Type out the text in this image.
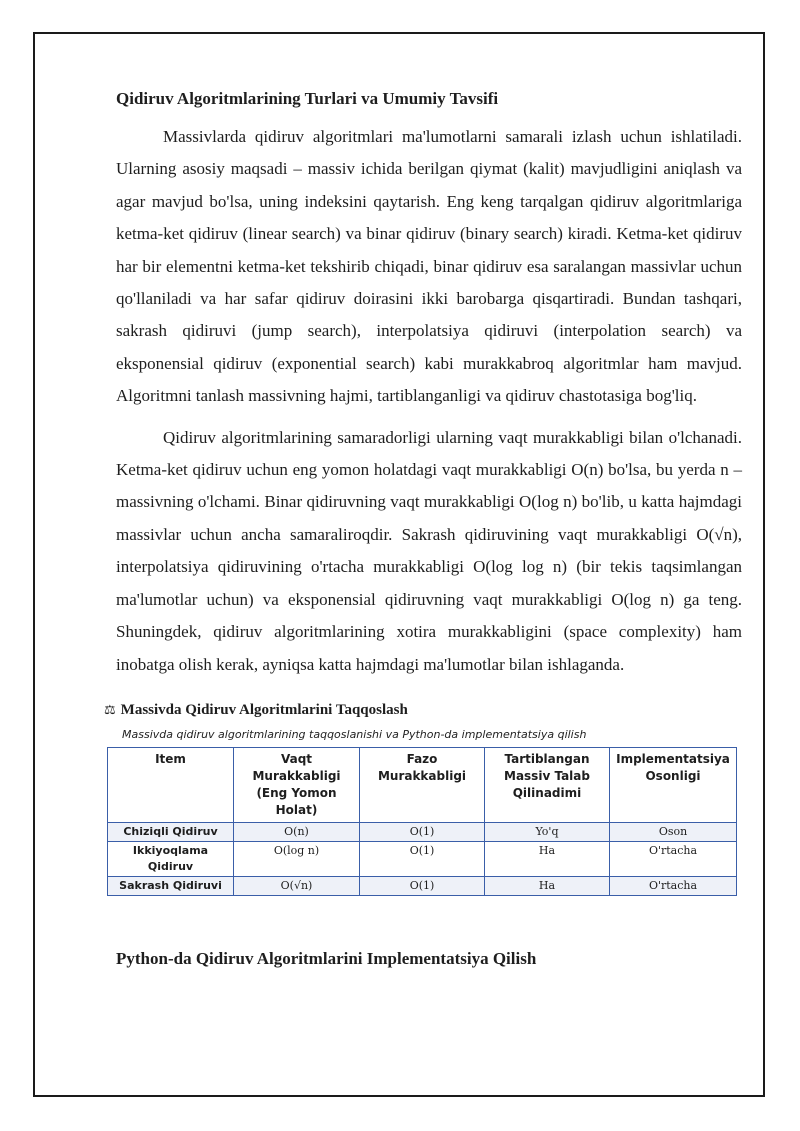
Qidiruv Algoritmlarining Turlari va Umumiy Tavsifi

Massivlarda qidiruv algoritmlari ma'lumotlarni samarali izlash uchun ishlatiladi. Ularning asosiy maqsadi – massiv ichida berilgan qiymat (kalit) mavjudligini aniqlash va agar mavjud bo'lsa, uning indeksini qaytarish. Eng keng tarqalgan qidiruv algoritmlariga ketma-ket qidiruv (linear search) va binar qidiruv (binary search) kiradi. Ketma-ket qidiruv har bir elementni ketma-ket tekshirib chiqadi, binar qidiruv esa saralangan massivlar uchun qo'llaniladi va har safar qidiruv doirasini ikki barobarga qisqartiradi. Bundan tashqari, sakrash qidiruvi (jump search), interpolatsiya qidiruvi (interpolation search) va eksponensial qidiruv (exponential search) kabi murakkabroq algoritmlar ham mavjud. Algoritmni tanlash massivning hajmi, tartiblanganligi va qidiruv chastotasiga bog'liq.

Qidiruv algoritmlarining samaradorligi ularning vaqt murakkabligi bilan o'lchanadi. Ketma-ket qidiruv uchun eng yomon holatdagi vaqt murakkabligi O(n) bo'lsa, bu yerda n – massivning o'lchami. Binar qidiruvning vaqt murakkabligi O(log n) bo'lib, u katta hajmdagi massivlar uchun ancha samaraliroqdir. Sakrash qidiruvining vaqt murakkabligi O(√n), interpolatsiya qidiruvining o'rtacha murakkabligi O(log log n) (bir tekis taqsimlangan ma'lumotlar uchun) va eksponensial qidiruvning vaqt murakkabligi O(log n) ga teng. Shuningdek, qidiruv algoritmlarining xotira murakkabligini (space complexity) ham inobatga olish kerak, ayniqsa katta hajmdagi ma'lumotlar bilan ishlaganda.

⚖ Massivda Qidiruv Algoritmlarini Taqqoslash
Massivda qidiruv algoritmlarining taqqoslanishi va Python-da implementatsiya qilish
Item	Vaqt Murakkabligi (Eng Yomon Holat)	Fazo Murakkabligi	Tartiblangan Massiv Talab Qilinadimi	Implementatsiya Osonligi
Chiziqli Qidiruv	O(n)	O(1)	Yo'q	Oson
Ikkiyoqlama Qidiruv	O(log n)	O(1)	Ha	O'rtacha
Sakrash Qidiruvi	O(√n)	O(1)	Ha	O'rtacha
Python-da Qidiruv Algoritmlarini Implementatsiya Qilish
